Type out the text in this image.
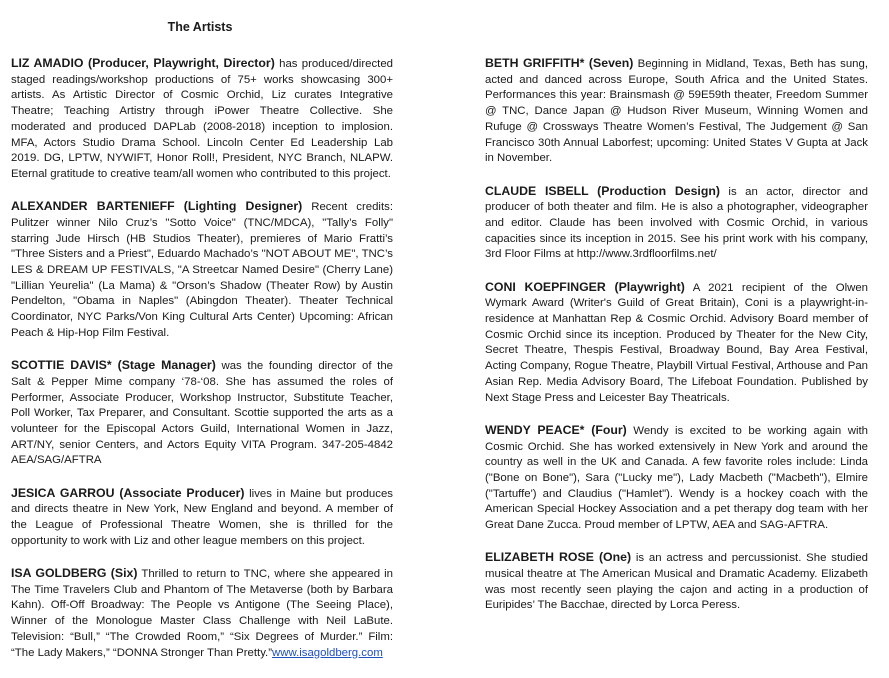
The Artists

LIZ AMADIO (Producer, Playwright, Director) has produced/directed staged readings/workshop productions of 75+ works showcasing 300+ artists. As Artistic Director of Cosmic Orchid, Liz curates Integrative Theatre; Teaching Artistry through iPower Theatre Collective. She moderated and produced DAPLab (2008-2018) inception to implosion. MFA, Actors Studio Drama School. Lincoln Center Ed Leadership Lab 2019. DG, LPTW, NYWIFT, Honor Roll!, President, NYC Branch, NLAPW. Eternal gratitude to creative team/all women who contributed to this project.

ALEXANDER BARTENIEFF (Lighting Designer) Recent credits: Pulitzer winner Nilo Cruz’s "Sotto Voice" (TNC/MDCA), "Tally’s Folly" starring Jude Hirsch (HB Studios Theater), premieres of Mario Fratti’s "Three Sisters and a Priest", Eduardo Machado’s "NOT ABOUT ME", TNC’s LES & DREAM UP FESTIVALS, "A Streetcar Named Desire" (Cherry Lane) "Lillian Yeurelia" (La Mama) & "Orson’s Shadow (Theater Row) by Austin Pendelton, "Obama in Naples" (Abingdon Theater). Theater Technical Coordinator, NYC Parks/Von King Cultural Arts Center) Upcoming: African Peach & Hip-Hop Film Festival.

SCOTTIE DAVIS* (Stage Manager) was the founding director of the Salt & Pepper Mime company ‘78-‘08. She has assumed the roles of Performer, Associate Producer, Workshop Instructor, Substitute Teacher, Poll Worker, Tax Preparer, and Consultant. Scottie supported the arts as a volunteer for the Episcopal Actors Guild, International Women in Jazz, ART/NY, senior Centers, and Actors Equity VITA Program. 347-205-4842 AEA/SAG/AFTRA

JESICA GARROU (Associate Producer) lives in Maine but produces and directs theatre in New York, New England and beyond. A member of the League of Professional Theatre Women, she is thrilled for the opportunity to work with Liz and other league members on this project.

ISA GOLDBERG (Six) Thrilled to return to TNC, where she appeared in The Time Travelers Club and Phantom of The Metaverse (both by Barbara Kahn). Off-Off Broadway: The People vs Antigone (The Seeing Place), Winner of the Monologue Master Class Challenge with Neil LaBute. Television: “Bull,” “The Crowded Room,” “Six Degrees of Murder.” Film: “The Lady Makers,” “DONNA Stronger Than Pretty.”www.isagoldberg.com

BETH GRIFFITH* (Seven) Beginning in Midland, Texas, Beth has sung, acted and danced across Europe, South Africa and the United States. Performances this year: Brainsmash @ 59E59th theater, Freedom Summer @ TNC, Dance Japan @ Hudson River Museum, Winning Women and Rufuge @ Crossways Theatre Women’s Festival, The Judgement @ San Francisco 30th Annual Laborfest; upcoming: United States V Gupta at Jack in November.

CLAUDE ISBELL (Production Design) is an actor, director and producer of both theater and film. He is also a photographer, videographer and editor. Claude has been involved with Cosmic Orchid, in various capacities since its inception in 2015. See his print work with his company, 3rd Floor Films at http://www.3rdfloorfilms.net/

CONI KOEPFINGER (Playwright) A 2021 recipient of the Olwen Wymark Award (Writer's Guild of Great Britain), Coni is a playwright-in-residence at Manhattan Rep & Cosmic Orchid. Advisory Board member of Cosmic Orchid since its inception. Produced by Theater for the New City, Secret Theatre, Thespis Festival, Broadway Bound, Bay Area Festival, Acting Company, Rogue Theatre, Playbill Virtual Festival, Arthouse and Pan Asian Rep. Media Advisory Board, The Lifeboat Foundation. Published by Next Stage Press and Leicester Bay Theatricals.

WENDY PEACE* (Four) Wendy is excited to be working again with Cosmic Orchid. She has worked extensively in New York and around the country as well in the UK and Canada. A few favorite roles include: Linda ("Bone on Bone"), Sara ("Lucky me"), Lady Macbeth ("Macbeth"), Elmire ("Tartuffe') and Claudius ("Hamlet"). Wendy is a hockey coach with the American Special Hockey Association and a pet therapy dog team with her Great Dane Zucca. Proud member of LPTW, AEA and SAG-AFTRA.

ELIZABETH ROSE (One) is an actress and percussionist. She studied musical theatre at The American Musical and Dramatic Academy. Elizabeth was most recently seen playing the cajon and acting in a production of Euripides’ The Bacchae, directed by Lorca Peress.
